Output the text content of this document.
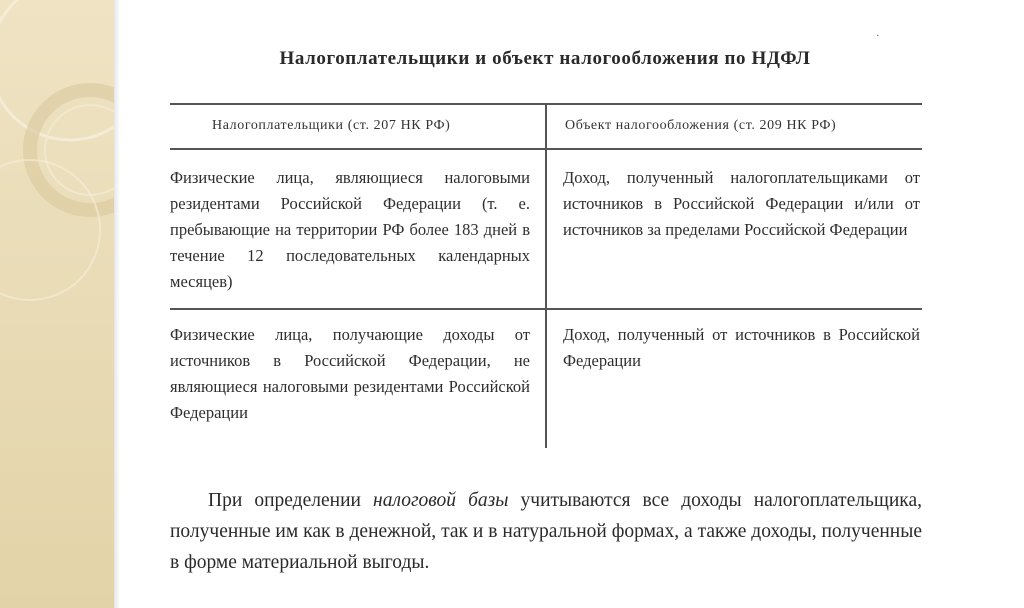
·
Налогоплательщики и объект налогообложения по НДФЛ
Налогоплательщики (ст. 207 НК РФ)	Объект налогообложения (ст. 209 НК РФ)

Физические лица, являющиеся налоговыми резидентами Российской Федерации (т. е. пребывающие на территории РФ более 183 дней в течение 12 последовательных календарных месяцев)

Доход, полученный налогоплательщиками от источников в Российской Федерации и/или от источников за пределами Российской Федерации

Физические лица, получающие доходы от источников в Российской Федерации, не являющиеся налоговыми резидентами Российской Федерации

Доход, полученный от источников в Российской Федерации

При определении налоговой базы учитываются все доходы налогоплательщика, полученные им как в денежной, так и в натуральной формах, а также доходы, полученные в форме материальной выгоды.
